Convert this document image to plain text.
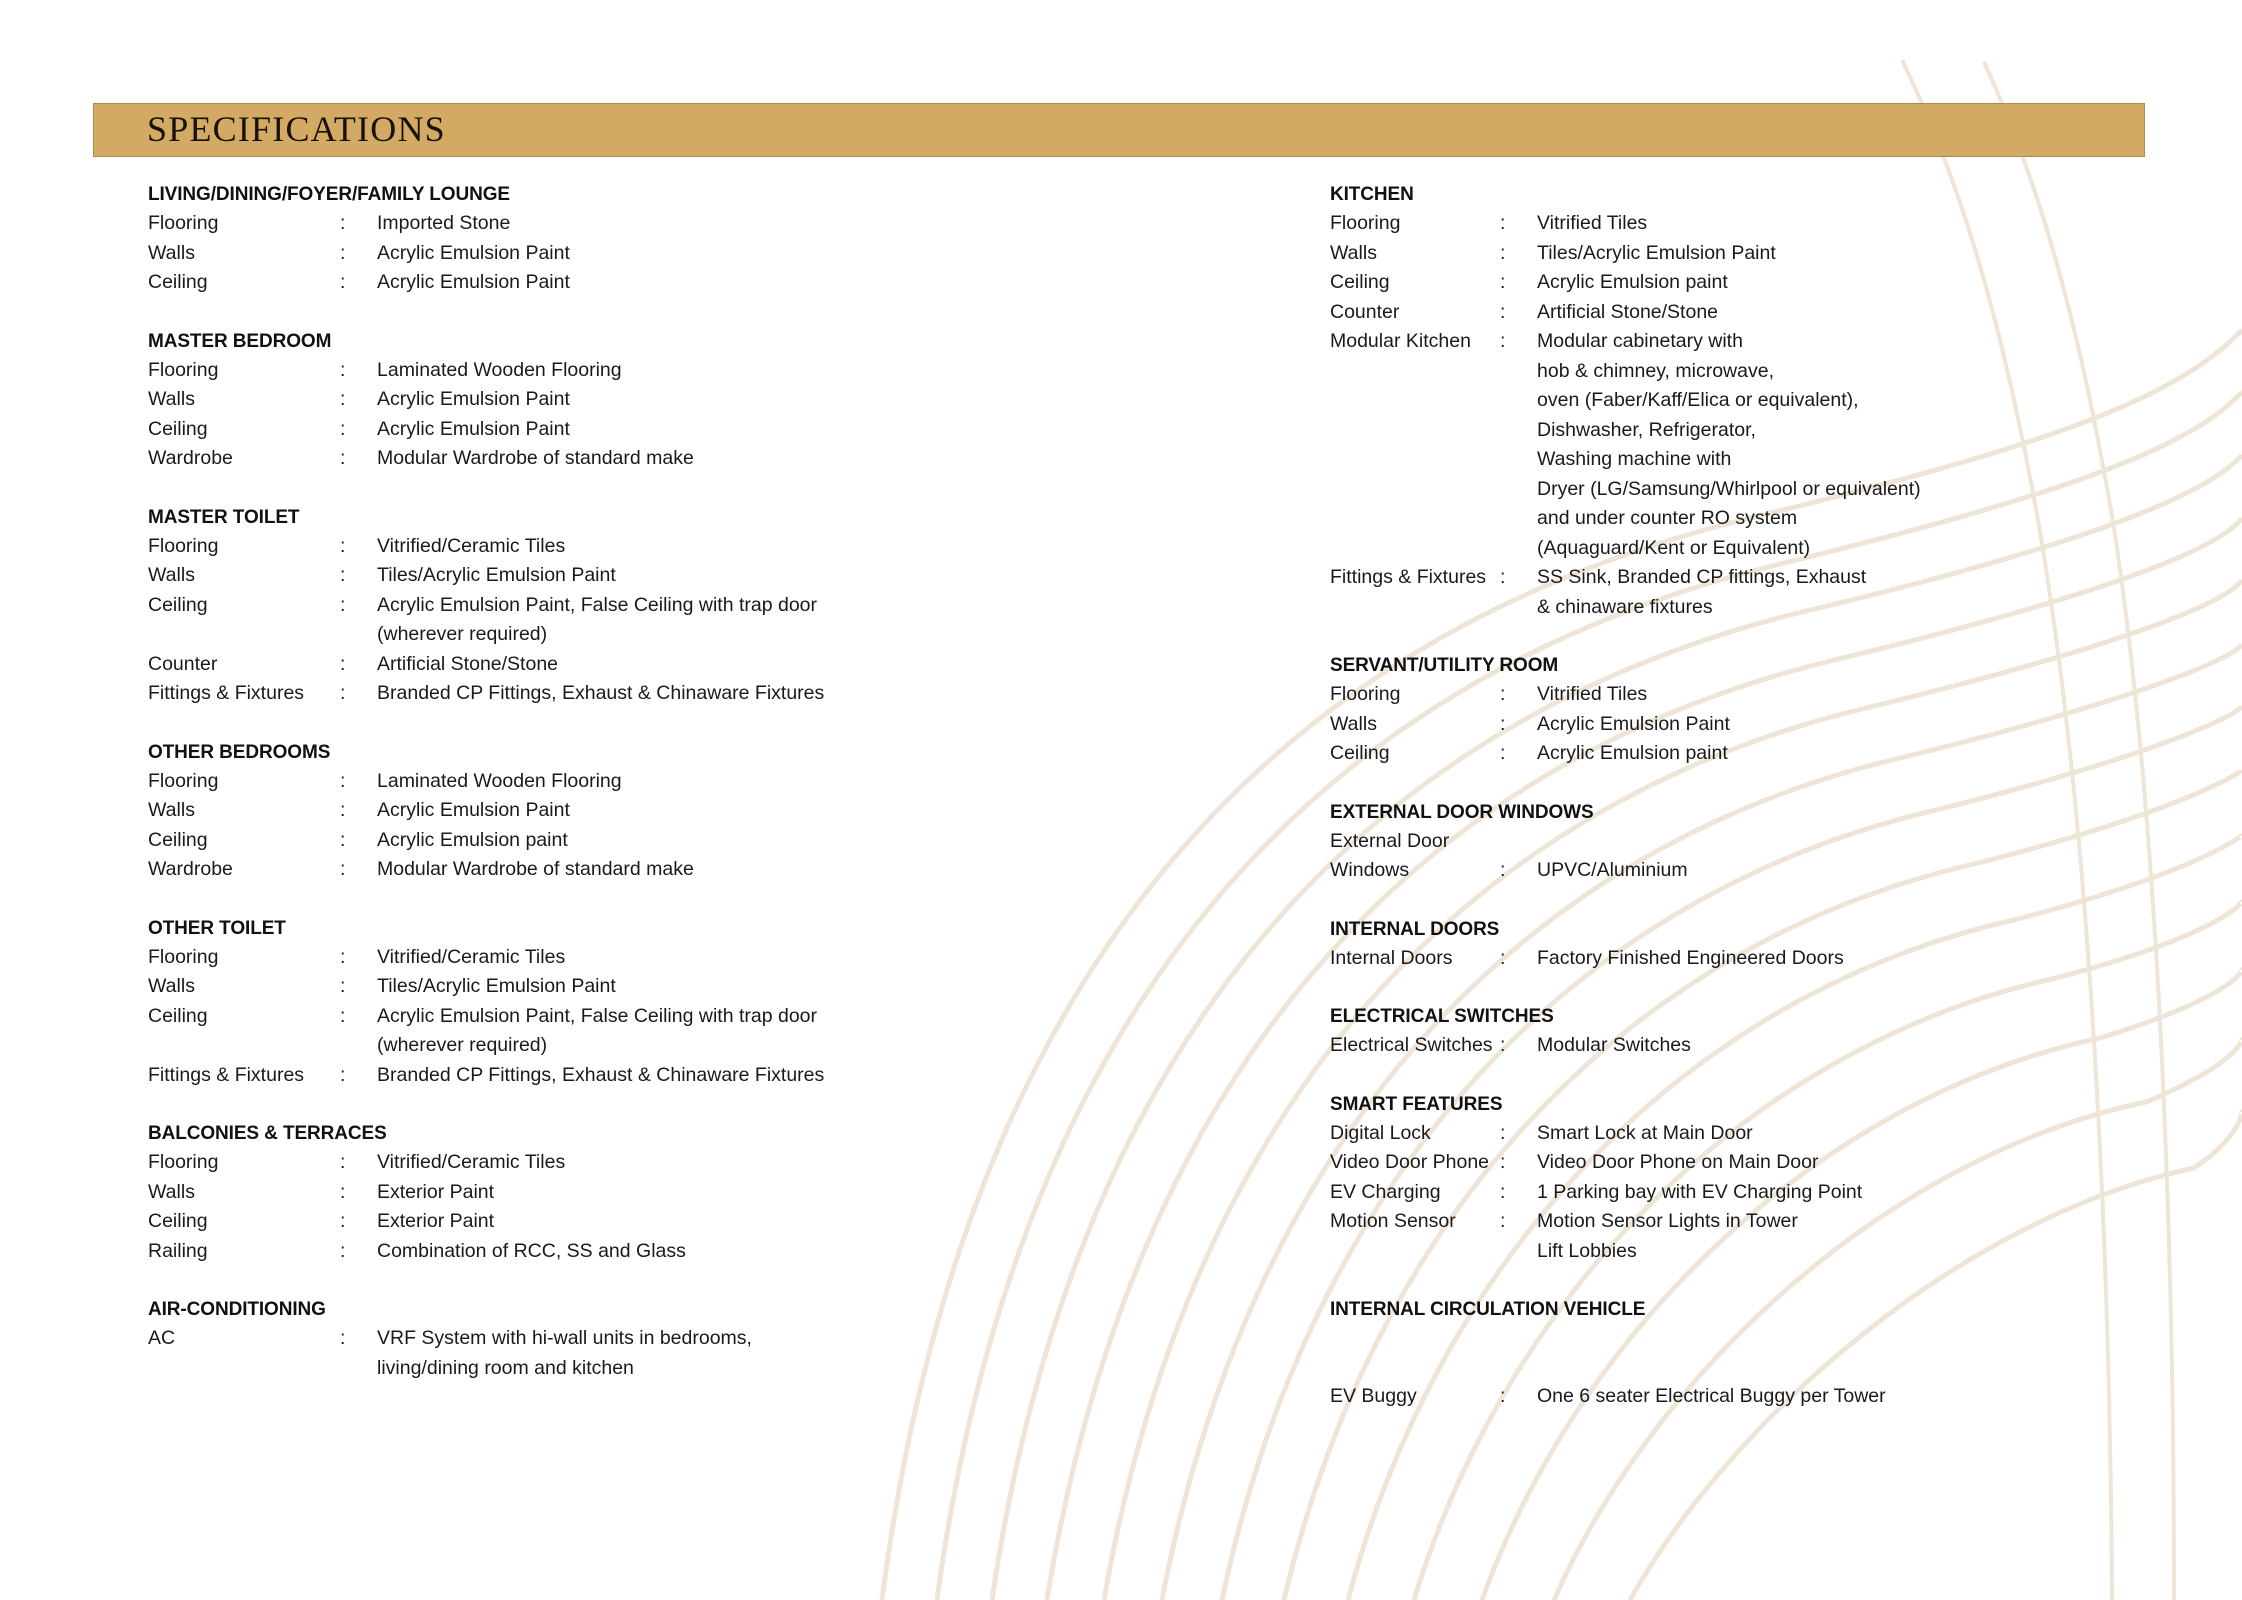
SPECIFICATIONS
LIVING/DINING/FOYER/FAMILY LOUNGE
Flooring	:	Imported Stone
Walls	:	Acrylic Emulsion Paint
Ceiling	:	Acrylic Emulsion Paint
MASTER BEDROOM
Flooring	:	Laminated Wooden Flooring
Walls	:	Acrylic Emulsion Paint
Ceiling	:	Acrylic Emulsion Paint
Wardrobe	:	Modular Wardrobe of standard make
MASTER TOILET
Flooring	:	Vitrified/Ceramic Tiles
Walls	:	Tiles/Acrylic Emulsion Paint
Ceiling	:	Acrylic Emulsion Paint, False Ceiling with trap door
(wherever required)
Counter	:	Artificial Stone/Stone
Fittings & Fixtures	:	Branded CP Fittings, Exhaust & Chinaware Fixtures
OTHER BEDROOMS
Flooring	:	Laminated Wooden Flooring
Walls	:	Acrylic Emulsion Paint
Ceiling	:	Acrylic Emulsion paint
Wardrobe	:	Modular Wardrobe of standard make
OTHER TOILET
Flooring	:	Vitrified/Ceramic Tiles
Walls	:	Tiles/Acrylic Emulsion Paint
Ceiling	:	Acrylic Emulsion Paint, False Ceiling with trap door
(wherever required)
Fittings & Fixtures	:	Branded CP Fittings, Exhaust & Chinaware Fixtures
BALCONIES & TERRACES
Flooring	:	Vitrified/Ceramic Tiles
Walls	:	Exterior Paint
Ceiling	:	Exterior Paint
Railing	:	Combination of RCC, SS and Glass
AIR-CONDITIONING
AC	:	VRF System with hi-wall units in bedrooms,
living/dining room and kitchen
KITCHEN
Flooring	:	Vitrified Tiles
Walls	:	Tiles/Acrylic Emulsion Paint
Ceiling	:	Acrylic Emulsion paint
Counter	:	Artificial Stone/Stone
Modular Kitchen	:	Modular cabinetary with
hob & chimney, microwave,
oven (Faber/Kaff/Elica or equivalent),
Dishwasher, Refrigerator,
Washing machine with
Dryer (LG/Samsung/Whirlpool or equivalent)
and under counter RO system
(Aquaguard/Kent or Equivalent)
Fittings & Fixtures :	SS Sink, Branded CP fittings, Exhaust
& chinaware fixtures
SERVANT/UTILITY ROOM
Flooring	:	Vitrified Tiles
Walls	:	Acrylic Emulsion Paint
Ceiling	:	Acrylic Emulsion paint
EXTERNAL DOOR WINDOWS
External Door
Windows	:	UPVC/Aluminium
INTERNAL DOORS
Internal Doors	:	Factory Finished Engineered Doors
ELECTRICAL SWITCHES
Electrical Switches :	Modular Switches
SMART FEATURES
Digital Lock	:	Smart Lock at Main Door
Video Door Phone :	Video Door Phone on Main Door
EV Charging	:	1 Parking bay with EV Charging Point
Motion Sensor	:	Motion Sensor Lights in Tower
Lift Lobbies
INTERNAL CIRCULATION VEHICLE
EV Buggy	:	One 6 seater Electrical Buggy per Tower
